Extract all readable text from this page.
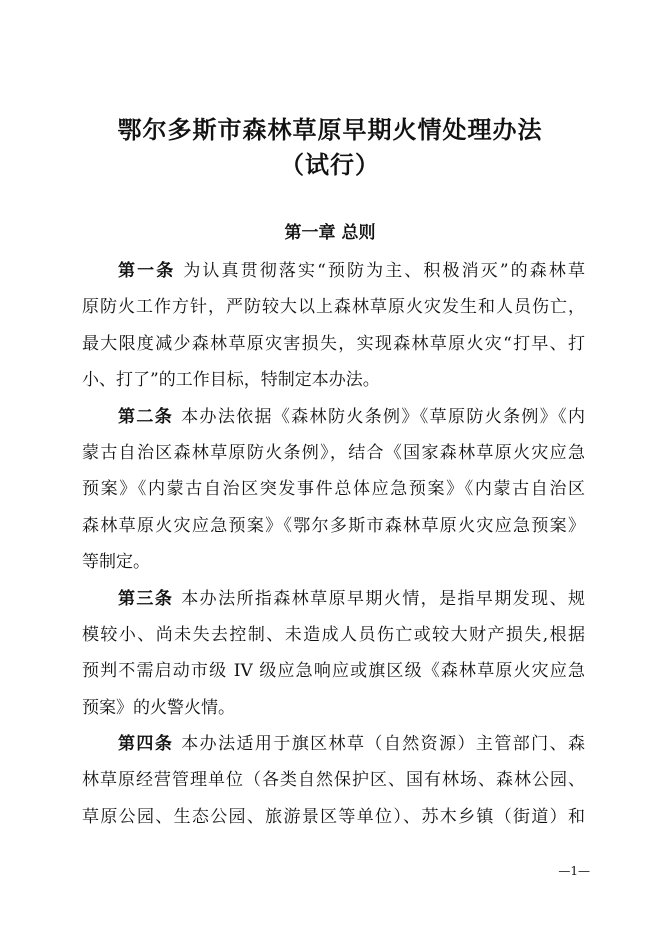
鄂尔多斯市森林草原早期火情处理办法
（试行）
第一章 总则
第一条 为认真贯彻落实“预防为主、积极消灭”的森林草
原防火工作方针，严防较大以上森林草原火灾发生和人员伤亡，
最大限度减少森林草原灾害损失，实现森林草原火灾“打早、打
小、打了”的工作目标，特制定本办法。
第二条 本办法依据《森林防火条例》《草原防火条例》《内
蒙古自治区森林草原防火条例》，结合《国家森林草原火灾应急
预案》《内蒙古自治区突发事件总体应急预案》《内蒙古自治区
森林草原火灾应急预案》《鄂尔多斯市森林草原火灾应急预案》
等制定。
第三条 本办法所指森林草原早期火情，是指早期发现、规
模较小、尚未失去控制、未造成人员伤亡或较大财产损失,根据
预判不需启动市级 IV 级应急响应或旗区级《森林草原火灾应急
预案》的火警火情。
第四条 本办法适用于旗区林草（自然资源）主管部门、森
林草原经营管理单位（各类自然保护区、国有林场、森林公园、
草原公园、生态公园、旅游景区等单位）、苏木乡镇（街道）和
—1—
